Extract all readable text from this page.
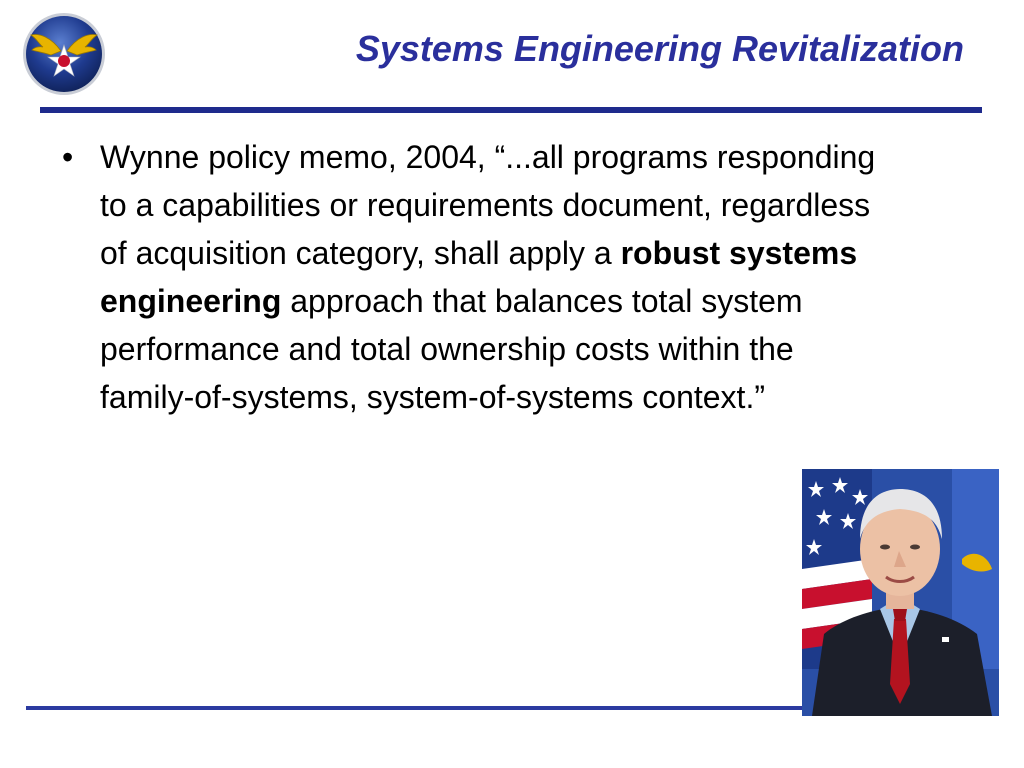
Systems Engineering Revitalization
• Wynne policy memo, 2004, “...all programs responding to a capabilities or requirements document, regardless of acquisition category, shall apply a robust systems engineering approach that balances total system performance and total ownership costs within the family-of-systems, system-of-systems context.”
